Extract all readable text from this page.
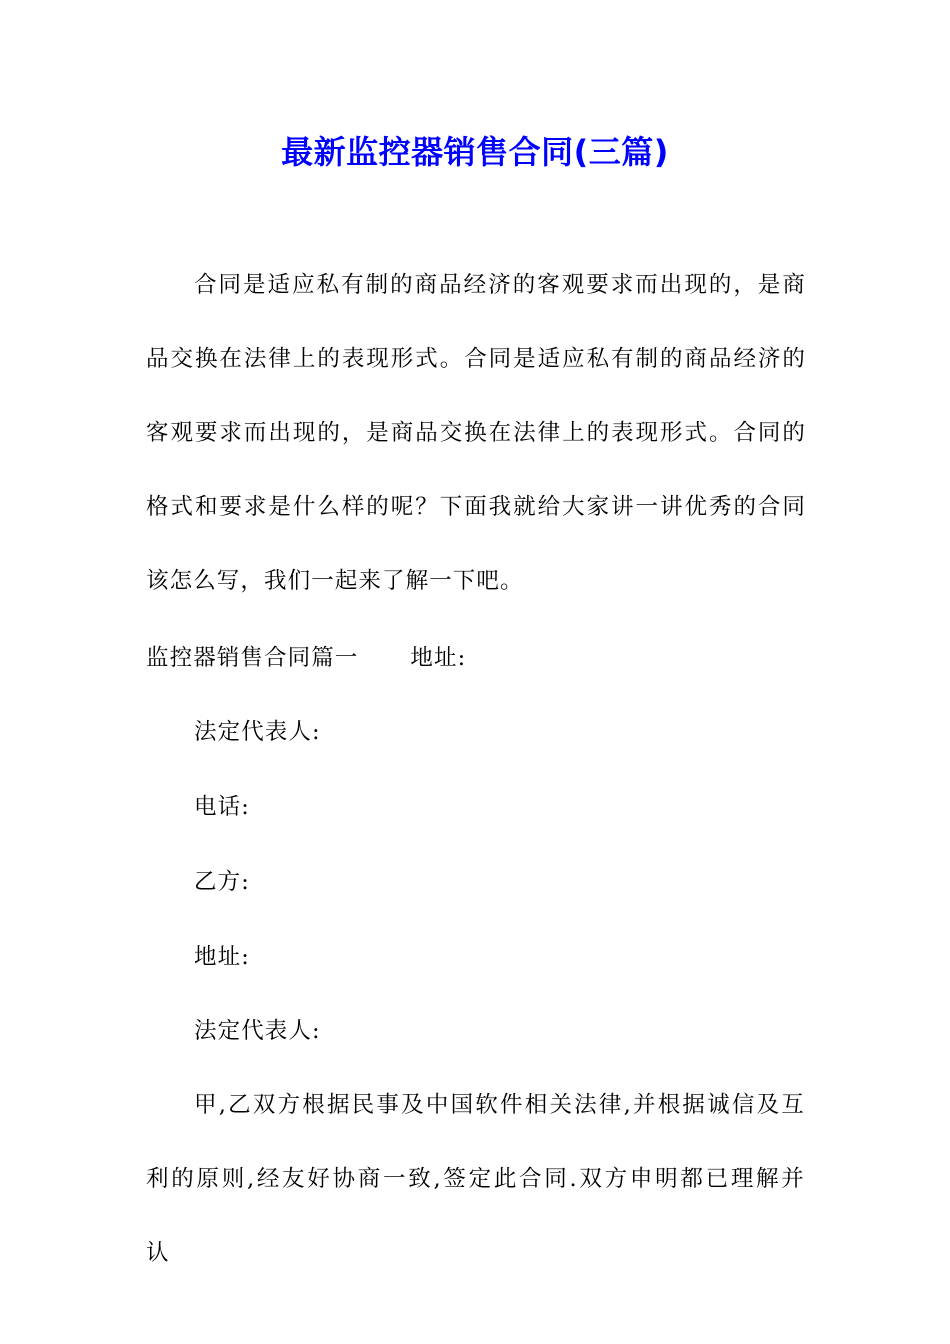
最新监控器销售合同(三篇)
合同是适应私有制的商品经济的客观要求而出现的，是商品交换在法律上的表现形式。合同是适应私有制的商品经济的客观要求而出现的，是商品交换在法律上的表现形式。合同的格式和要求是什么样的呢？下面我就给大家讲一讲优秀的合同该怎么写，我们一起来了解一下吧。
监控器销售合同篇一 地址:
法定代表人:
电话:
乙方:
地址:
法定代表人:
甲,乙双方根据民事及中国软件相关法律,并根据诚信及互利的原则,经友好协商一致,签定此合同.双方申明都已理解并认
